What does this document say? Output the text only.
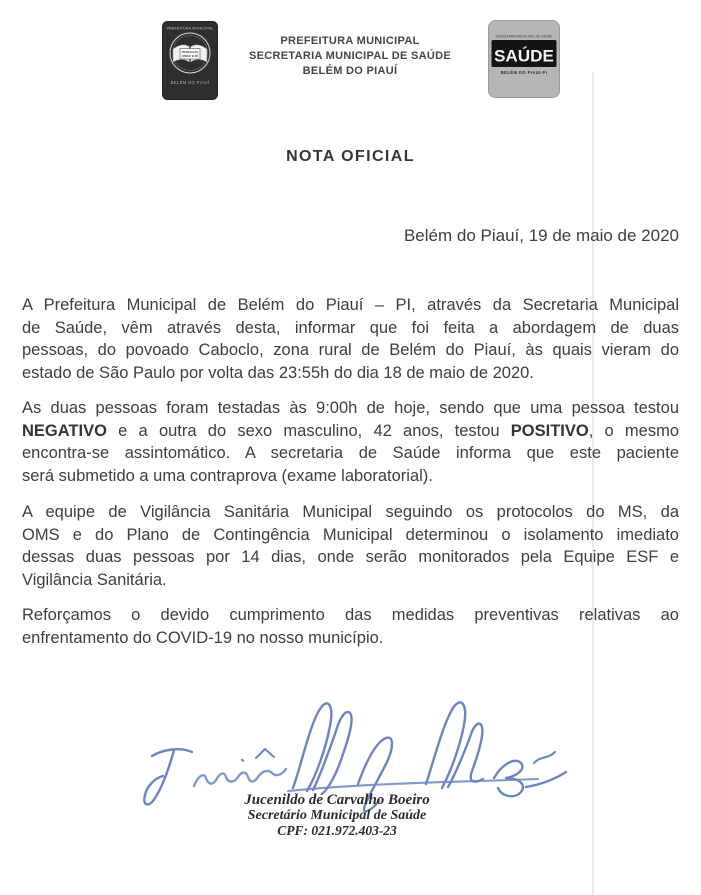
PREFEITURA MUNICIPAL
TRABALHO,
UNIÃO E FÉ
BELÉM DO PIAUÍ
PREFEITURA MUNICIPAL
SECRETARIA MUNICIPAL DE SAÚDE
BELÉM DO PIAUÍ
SECRETARIA MUNICIPAL DE SAÚDE
SAÚDE
BELÉM DO PIAUI-PI
NOTA OFICIAL
Belém do Piauí, 19 de maio de 2020

A Prefeitura Municipal de Belém do Piauí – PI, através da Secretaria Municipal
de Saúde, vêm através desta, informar que foi feita a abordagem de duas
pessoas, do povoado Caboclo, zona rural de Belém do Piauí, às quais vieram do
estado de São Paulo por volta das 23:55h do dia 18 de maio de 2020.

As duas pessoas foram testadas às 9:00h de hoje, sendo que uma pessoa testou
NEGATIVO e a outra do sexo masculino, 42 anos, testou POSITIVO, o mesmo
encontra-se assintomático. A secretaria de Saúde informa que este paciente
será submetido a uma contraprova (exame laboratorial).

A equipe de Vigilância Sanitária Municipal seguindo os protocolos do MS, da
OMS e do Plano de Contingência Municipal determinou o isolamento imediato
dessas duas pessoas por 14 dias, onde serão monitorados pela Equipe ESF e
Vigilância Sanitária.

Reforçamos o devido cumprimento das medidas preventivas relativas ao
enfrentamento do COVID-19 no nosso município.

Jucenildo de Carvalho Boeiro
Secretário Municipal de Saúde
CPF: 021.972.403-23
